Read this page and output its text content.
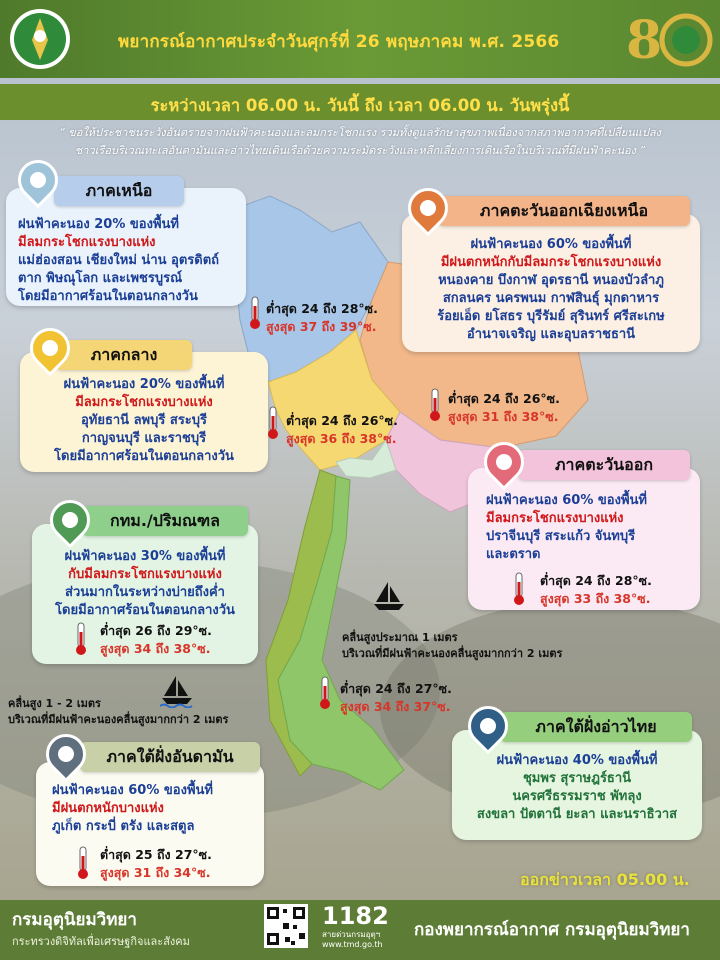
พยากรณ์อากาศประจำวันศุกร์ที่ 26 พฤษภาคม พ.ศ. 2566 8
ระหว่างเวลา 06.00 น. วันนี้ ถึง เวลา 06.00 น. วันพรุ่งนี้
“ ขอให้ประชาชนระวังอันตรายจากฝนฟ้าคะนองและลมกระโชกแรง รวมทั้งดูแลรักษาสุขภาพเนื่องจากสภาพอากาศที่เปลี่ยนแปลง
ชาวเรือบริเวณทะเลอันดามันและอ่าวไทยเดินเรือด้วยความระมัดระวังและหลีกเลี่ยงการเดินเรือในบริเวณที่มีฝนฟ้าคะนอง ”
ฝนฟ้าคะนอง 20% ของพื้นที่
มีลมกระโชกแรงบางแห่ง
แม่ฮ่องสอน เชียงใหม่ น่าน อุตรดิตถ์
ตาก พิษณุโลก และเพชรบูรณ์
โดยมีอากาศร้อนในตอนกลางวัน
ภาคเหนือ
ต่ำสุด 24 ถึง 28°ซ.
สูงสุด 37 ถึง 39°ซ.
ฝนฟ้าคะนอง 60% ของพื้นที่
มีฝนตกหนักกับมีลมกระโชกแรงบางแห่ง
หนองคาย บึงกาฬ อุดรธานี หนองบัวลำภู
สกลนคร นครพนม กาฬสินธุ์ มุกดาหาร
ร้อยเอ็ด ยโสธร บุรีรัมย์ สุรินทร์ ศรีสะเกษ
อำนาจเจริญ และอุบลราชธานี
ภาคตะวันออกเฉียงเหนือ
ต่ำสุด 24 ถึง 26°ซ.
สูงสุด 31 ถึง 38°ซ.
ฝนฟ้าคะนอง 20% ของพื้นที่
มีลมกระโชกแรงบางแห่ง
อุทัยธานี ลพบุรี สระบุรี
กาญจนบุรี และราชบุรี
โดยมีอากาศร้อนในตอนกลางวัน
ภาคกลาง
ต่ำสุด 24 ถึง 26°ซ.
สูงสุด 36 ถึง 38°ซ.
ฝนฟ้าคะนอง 60% ของพื้นที่
มีลมกระโชกแรงบางแห่ง
ปราจีนบุรี สระแก้ว จันทบุรี
และตราด
ภาคตะวันออก
ต่ำสุด 24 ถึง 28°ซ.
สูงสุด 33 ถึง 38°ซ.
ฝนฟ้าคะนอง 30% ของพื้นที่
กับมีลมกระโชกแรงบางแห่ง
ส่วนมากในระหว่างบ่ายถึงค่ำ
โดยมีอากาศร้อนในตอนกลางวัน
กทม./ปริมณฑล
ต่ำสุด 26 ถึง 29°ซ.
สูงสุด 34 ถึง 38°ซ.
คลื่นสูงประมาณ 1 เมตร
บริเวณที่มีฝนฟ้าคะนองคลื่นสูงมากกว่า 2 เมตร
ต่ำสุด 24 ถึง 27°ซ.
สูงสุด 34 ถึง 37°ซ.
คลื่นสูง 1 - 2 เมตร
บริเวณที่มีฝนฟ้าคะนองคลื่นสูงมากกว่า 2 เมตร
ฝนฟ้าคะนอง 40% ของพื้นที่
ชุมพร สุราษฎร์ธานี
นครศรีธรรมราช พัทลุง
สงขลา ปัตตานี ยะลา และนราธิวาส
ภาคใต้ฝั่งอ่าวไทย
ฝนฟ้าคะนอง 60% ของพื้นที่
มีฝนตกหนักบางแห่ง
ภูเก็ต กระบี่ ตรัง และสตูล
ภาคใต้ฝั่งอันดามัน
ต่ำสุด 25 ถึง 27°ซ.
สูงสุด 31 ถึง 34°ซ.	ออกข่าวเวลา 05.00 น.
กรมอุตุนิยมวิทยา
กระทรวงดิจิทัลเพื่อเศรษฐกิจและสังคม
1182
สายด่วนกรมอุตุฯ
www.tmd.go.th
กองพยากรณ์อากาศ กรมอุตุนิยมวิทยา
